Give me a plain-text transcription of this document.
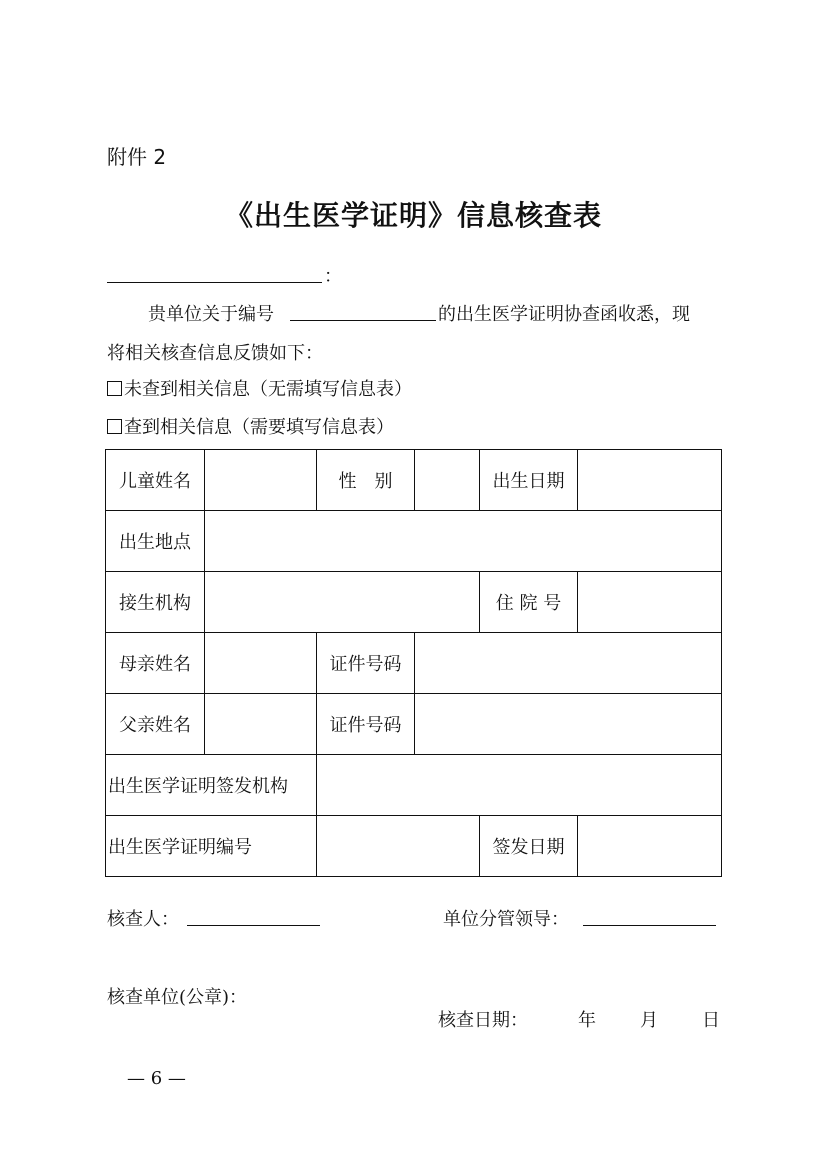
附件 2
《出生医学证明》信息核查表
：
贵单位关于编号	的出生医学证明协查函收悉，现
将相关核查信息反馈如下：
未查到相关信息（无需填写信息表）
查到相关信息（需要填写信息表）
儿童姓名		性　别		出生日期	
出生地点					
接生机构				住 院 号	
母亲姓名		证件号码			
父亲姓名		证件号码			
出生医学证明签发机构					
出生医学证明编号				签发日期	
核查人：	单位分管领导：
核查单位(公章)：
核查日期：	年 月 日
— 6 —
